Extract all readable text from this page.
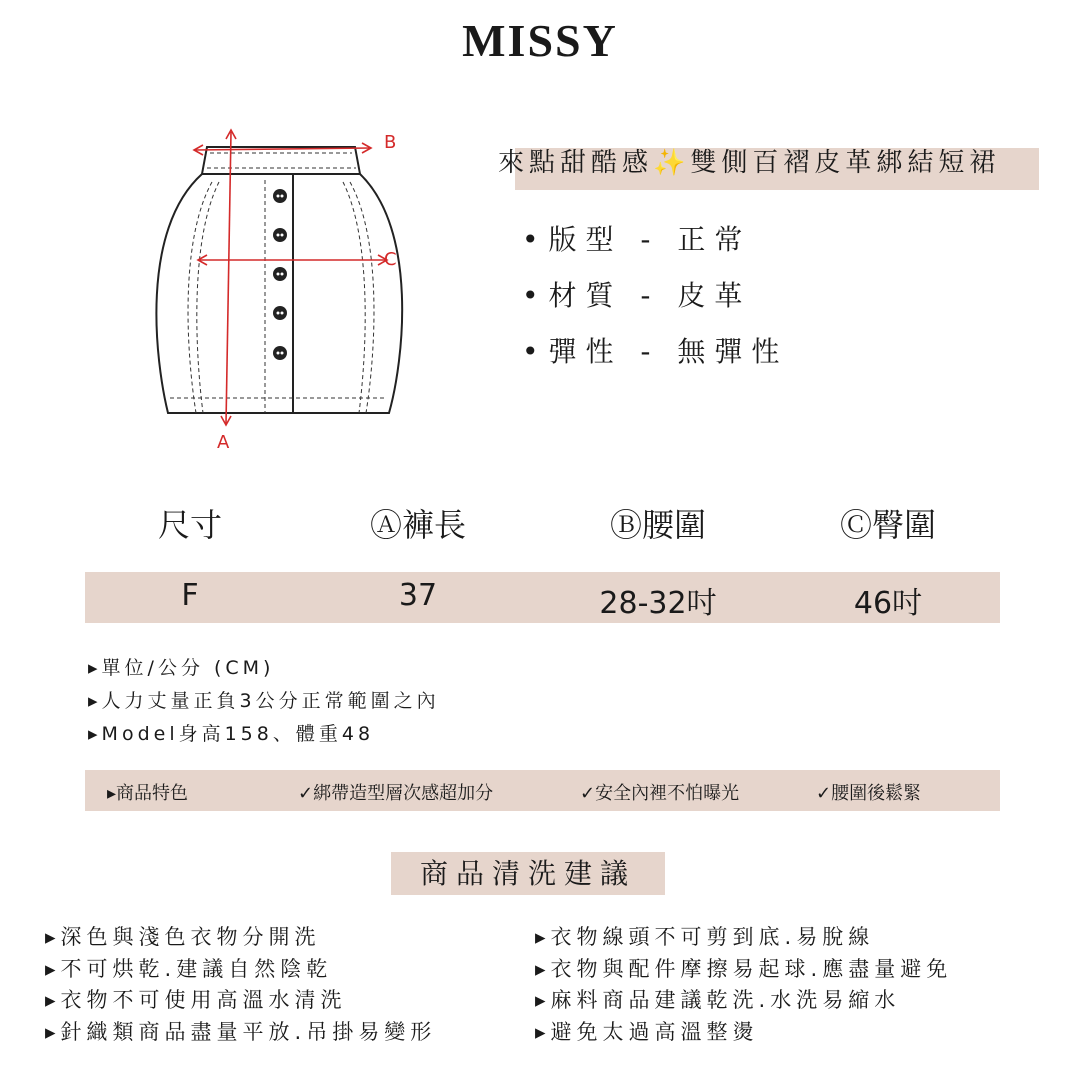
MISSY
B
C
A
來點甜酷感✨雙側百褶皮革綁結短裙
• 版型 - 正常
• 材質 - 皮革
• 彈性 - 無彈性
尺寸	Ⓐ褲長	Ⓑ腰圍	Ⓒ臀圍
F	37	28-32吋	46吋
▸ 單位/公分 (CM)
▸ 人力丈量正負3公分正常範圍之內
▸ Model身高158、體重48
▸商品特色	✓綁帶造型層次感超加分	✓安全內裡不怕曝光	✓腰圍後鬆緊
商品清洗建議
▸ 深色與淺色衣物分開洗
▸ 不可烘乾.建議自然陰乾
▸ 衣物不可使用高溫水清洗
▸ 針織類商品盡量平放.吊掛易變形
▸ 衣物線頭不可剪到底.易脫線
▸ 衣物與配件摩擦易起球.應盡量避免
▸ 麻料商品建議乾洗.水洗易縮水
▸ 避免太過高溫整燙
